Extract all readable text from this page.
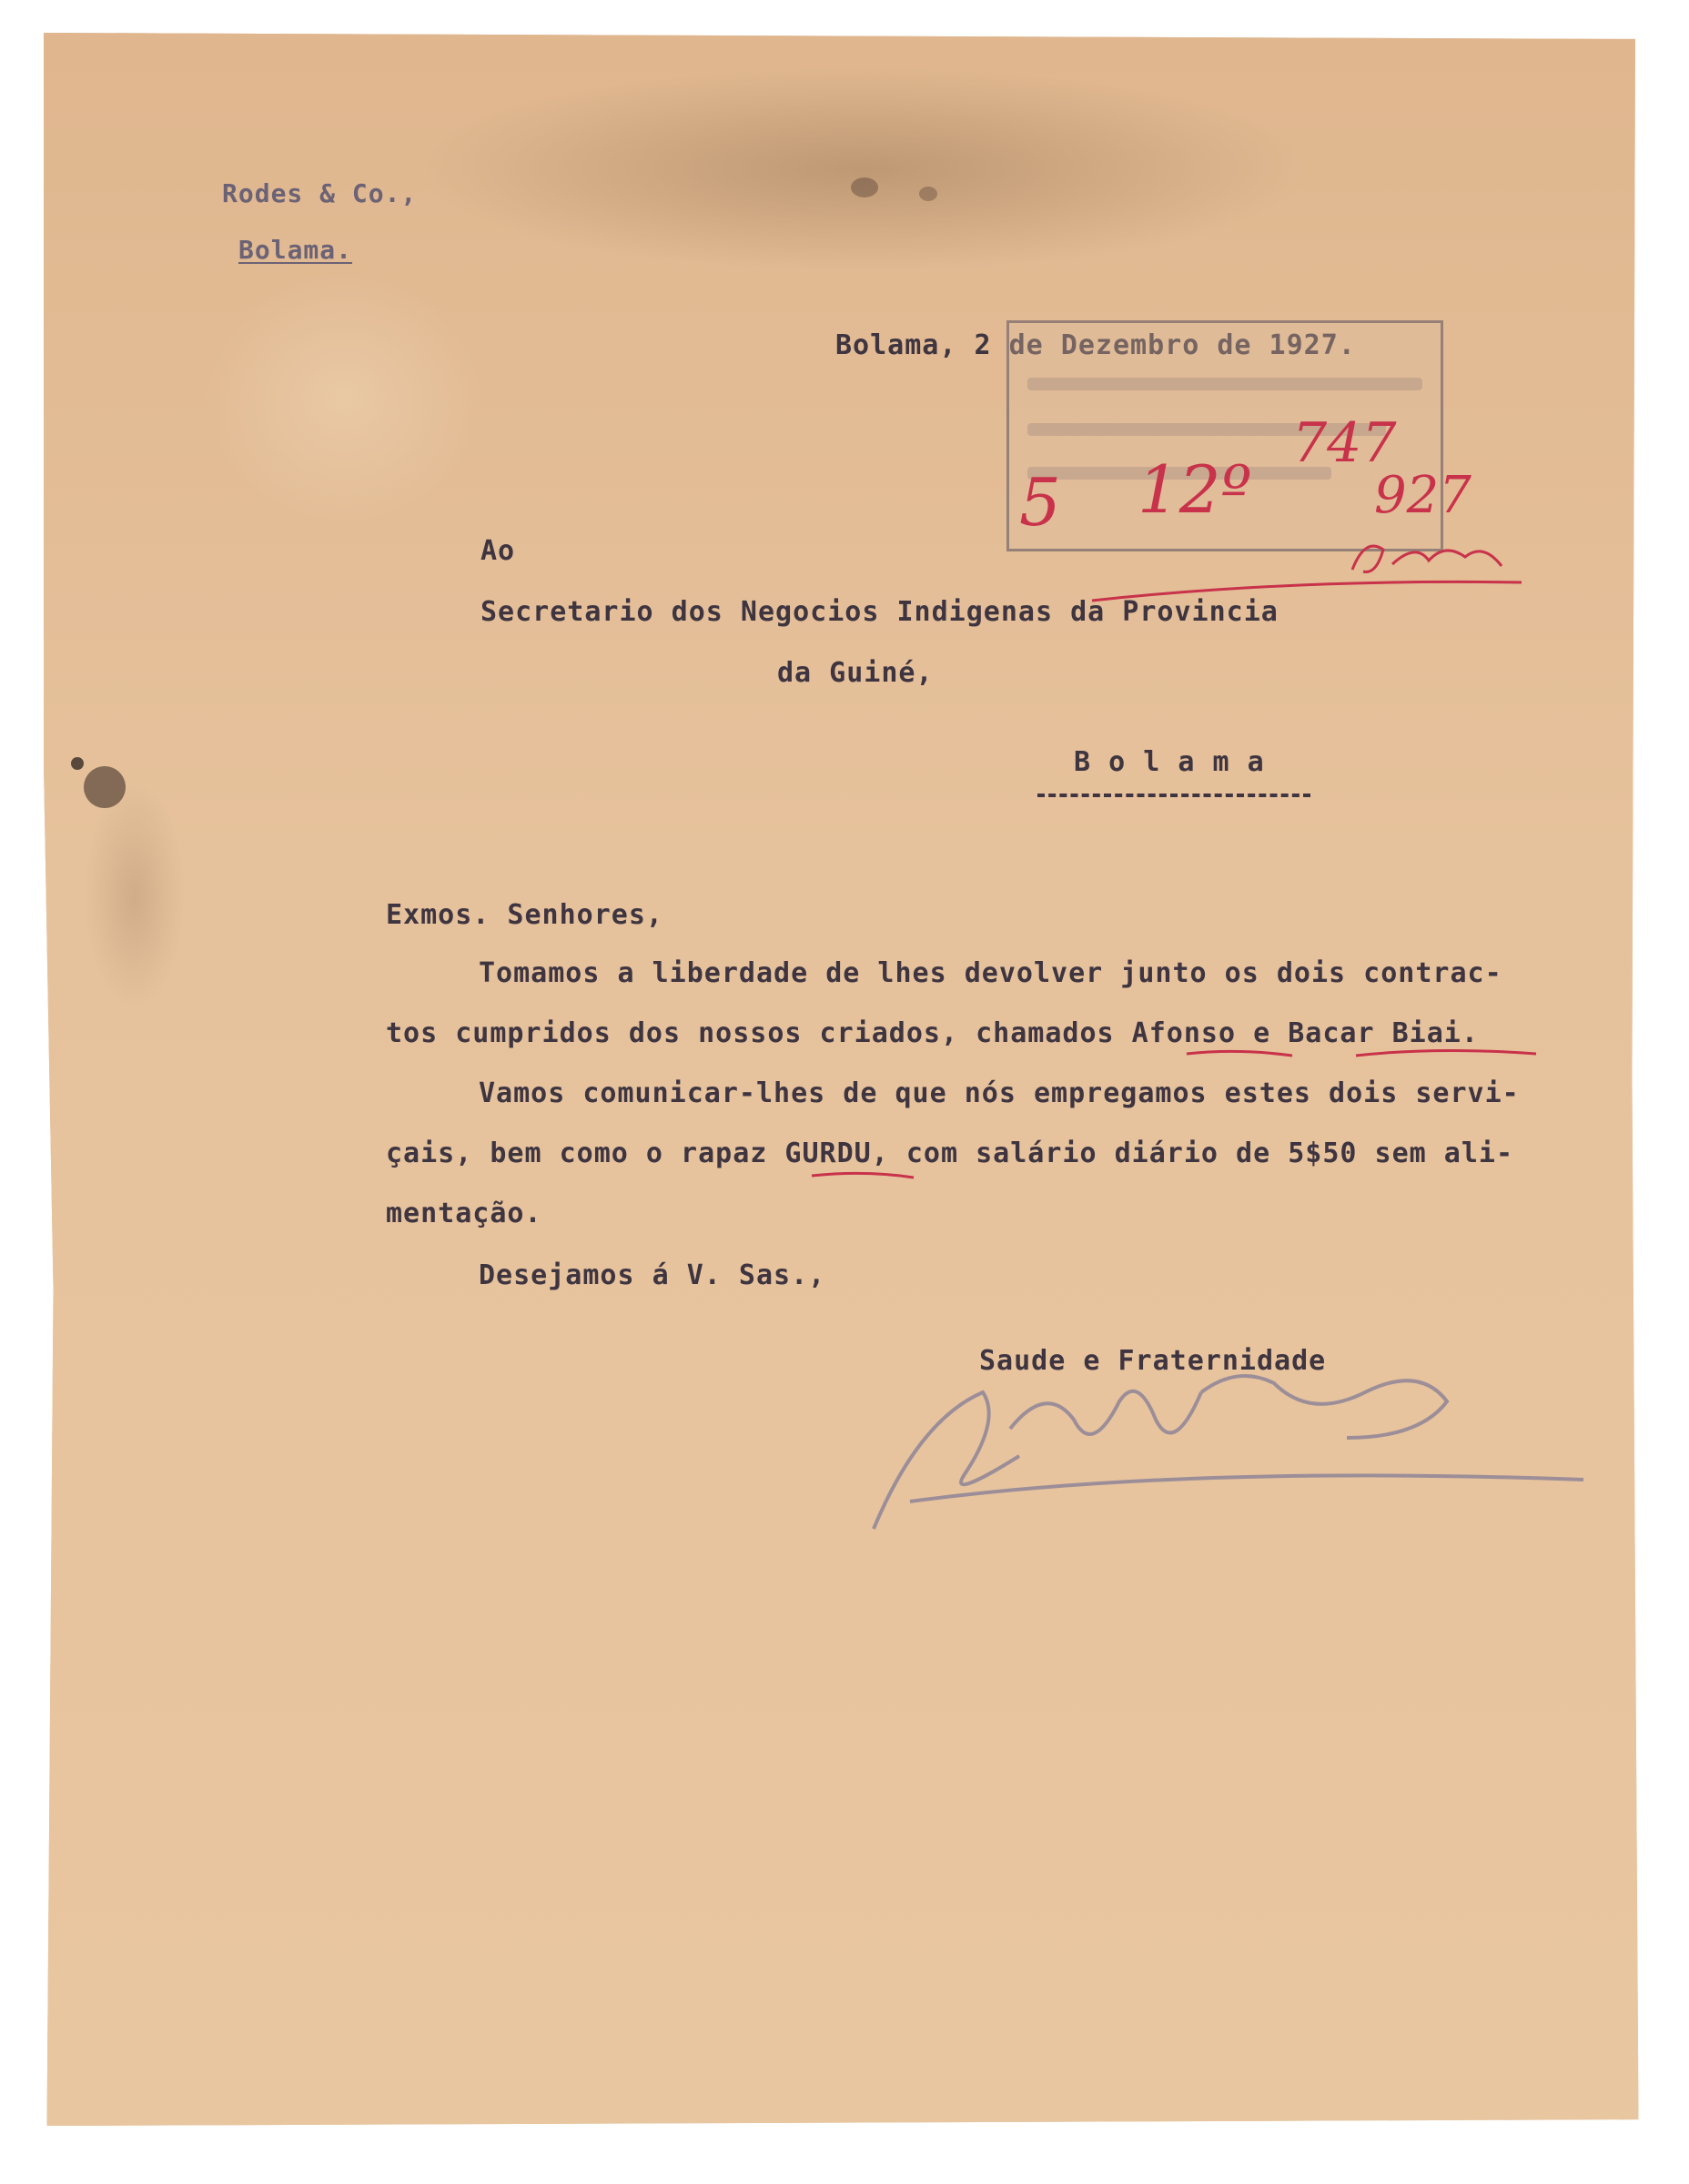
Rodes & Co.,

Bolama.

Bolama, 2 de Dezembro de 1927.

5 12º

747

927

Ao

Secretario dos Negocios Indigenas da Provincia

da Guiné,

B o l a m a

Exmos. Senhores,

Tomamos a liberdade de lhes devolver junto os dois contrac-

tos cumpridos dos nossos criados, chamados Afonso e Bacar Biai.

Vamos comunicar-lhes de que nós empregamos estes dois servi-

çais, bem como o rapaz GURDU, com salário diário de 5$50 sem ali-

mentação.

Desejamos á V. Sas.,

Saude e Fraternidade
